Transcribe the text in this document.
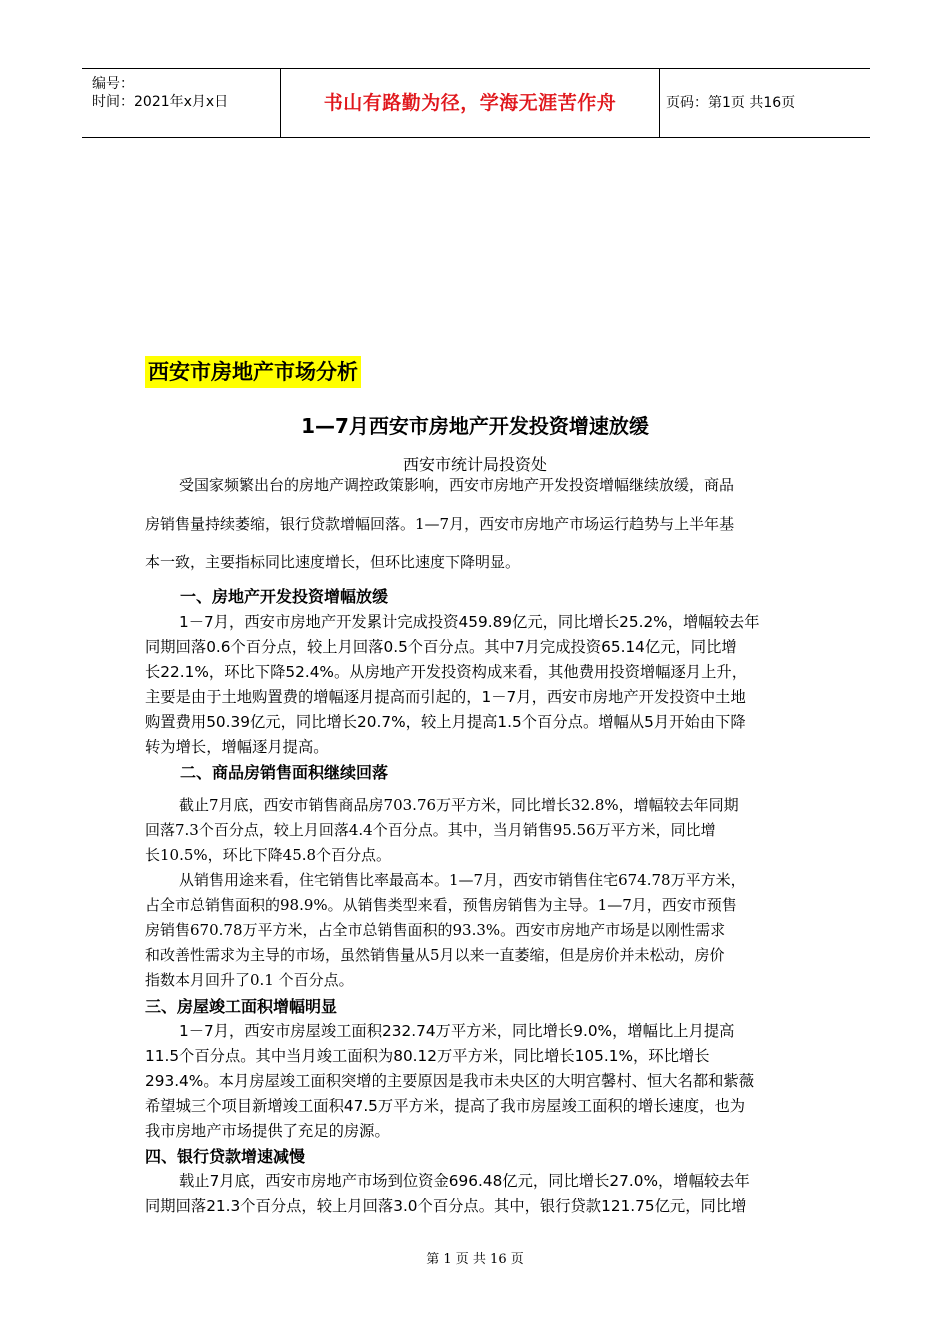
编号：
时间：2021年x月x日	书山有路勤为径，学海无涯苦作舟	页码：第1页 共16页
西安市房地产市场分析
1—7月西安市房地产开发投资增速放缓
西安市统计局投资处
受国家频繁出台的房地产调控政策影响，西安市房地产开发投资增幅继续放缓，商品
房销售量持续萎缩，银行贷款增幅回落。1—7月，西安市房地产市场运行趋势与上半年基
本一致，主要指标同比速度增长，但环比速度下降明显。
一、房地产开发投资增幅放缓
1－7月，西安市房地产开发累计完成投资459.89亿元，同比增长25.2%，增幅较去年
同期回落0.6个百分点，较上月回落0.5个百分点。其中7月完成投资65.14亿元，同比增
长22.1%，环比下降52.4%。从房地产开发投资构成来看，其他费用投资增幅逐月上升，
主要是由于土地购置费的增幅逐月提高而引起的，1－7月，西安市房地产开发投资中土地
购置费用50.39亿元，同比增长20.7%，较上月提高1.5个百分点。增幅从5月开始由下降
转为增长，增幅逐月提高。
二、商品房销售面积继续回落
截止7月底，西安市销售商品房703.76万平方米，同比增长32.8%，增幅较去年同期
回落7.3个百分点，较上月回落4.4个百分点。其中，当月销售95.56万平方米，同比增
长10.5%，环比下降45.8个百分点。
从销售用途来看，住宅销售比率最高本。1—7月，西安市销售住宅674.78万平方米，
占全市总销售面积的98.9%。从销售类型来看，预售房销售为主导。1—7月，西安市预售
房销售670.78万平方米，占全市总销售面积的93.3%。西安市房地产市场是以刚性需求
和改善性需求为主导的市场，虽然销售量从5月以来一直萎缩，但是房价并未松动，房价
指数本月回升了0.1 个百分点。
三、房屋竣工面积增幅明显
1－7月，西安市房屋竣工面积232.74万平方米，同比增长9.0%，增幅比上月提高
11.5个百分点。其中当月竣工面积为80.12万平方米，同比增长105.1%，环比增长
293.4%。本月房屋竣工面积突增的主要原因是我市未央区的大明宫馨村、恒大名都和紫薇
希望城三个项目新增竣工面积47.5万平方米，提高了我市房屋竣工面积的增长速度，也为
我市房地产市场提供了充足的房源。
四、银行贷款增速减慢
载止7月底，西安市房地产市场到位资金696.48亿元，同比增长27.0%，增幅较去年
同期回落21.3个百分点，较上月回落3.0个百分点。其中，银行贷款121.75亿元，同比增
第 1 页 共 16 页
